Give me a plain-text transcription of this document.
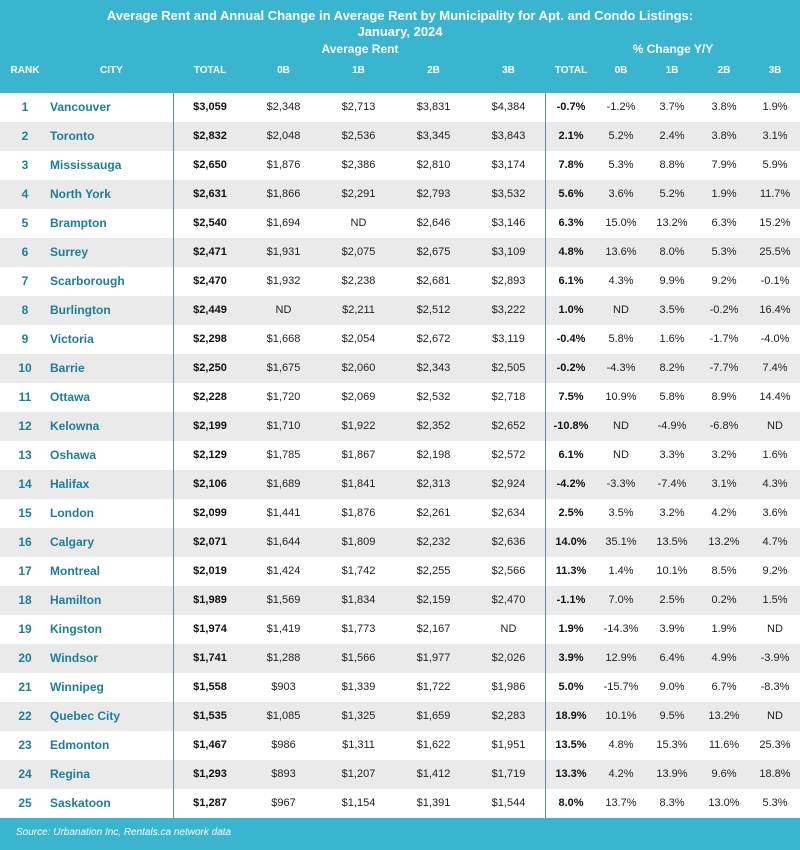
Average Rent and Annual Change in Average Rent by Municipality for Apt. and Condo Listings:
January, 2024
Average Rent	% Change Y/Y
RANK	CITY	TOTAL	0B	1B	2B	3B	TOTAL	0B	1B	2B	3B
1	Vancouver	$3,059	$2,348	$2,713	$3,831	$4,384	-0.7%	-1.2%	3.7%	3.8%	1.9%
2	Toronto	$2,832	$2,048	$2,536	$3,345	$3,843	2.1%	5.2%	2.4%	3.8%	3.1%
3	Mississauga	$2,650	$1,876	$2,386	$2,810	$3,174	7.8%	5.3%	8.8%	7.9%	5.9%
4	North York	$2,631	$1,866	$2,291	$2,793	$3,532	5.6%	3.6%	5.2%	1.9%	11.7%
5	Brampton	$2,540	$1,694	ND	$2,646	$3,146	6.3%	15.0%	13.2%	6.3%	15.2%
6	Surrey	$2,471	$1,931	$2,075	$2,675	$3,109	4.8%	13.6%	8.0%	5.3%	25.5%
7	Scarborough	$2,470	$1,932	$2,238	$2,681	$2,893	6.1%	4.3%	9.9%	9.2%	-0.1%
8	Burlington	$2,449	ND	$2,211	$2,512	$3,222	1.0%	ND	3.5%	-0.2%	16.4%
9	Victoria	$2,298	$1,668	$2,054	$2,672	$3,119	-0.4%	5.8%	1.6%	-1.7%	-4.0%
10	Barrie	$2,250	$1,675	$2,060	$2,343	$2,505	-0.2%	-4.3%	8.2%	-7.7%	7.4%
11	Ottawa	$2,228	$1,720	$2,069	$2,532	$2,718	7.5%	10.9%	5.8%	8.9%	14.4%
12	Kelowna	$2,199	$1,710	$1,922	$2,352	$2,652	-10.8%	ND	-4.9%	-6.8%	ND
13	Oshawa	$2,129	$1,785	$1,867	$2,198	$2,572	6.1%	ND	3.3%	3.2%	1.6%
14	Halifax	$2,106	$1,689	$1,841	$2,313	$2,924	-4.2%	-3.3%	-7.4%	3.1%	4.3%
15	London	$2,099	$1,441	$1,876	$2,261	$2,634	2.5%	3.5%	3.2%	4.2%	3.6%
16	Calgary	$2,071	$1,644	$1,809	$2,232	$2,636	14.0%	35.1%	13.5%	13.2%	4.7%
17	Montreal	$2,019	$1,424	$1,742	$2,255	$2,566	11.3%	1.4%	10.1%	8.5%	9.2%
18	Hamilton	$1,989	$1,569	$1,834	$2,159	$2,470	-1.1%	7.0%	2.5%	0.2%	1.5%
19	Kingston	$1,974	$1,419	$1,773	$2,167	ND	1.9%	-14.3%	3.9%	1.9%	ND
20	Windsor	$1,741	$1,288	$1,566	$1,977	$2,026	3.9%	12.9%	6.4%	4.9%	-3.9%
21	Winnipeg	$1,558	$903	$1,339	$1,722	$1,986	5.0%	-15.7%	9.0%	6.7%	-8.3%
22	Quebec City	$1,535	$1,085	$1,325	$1,659	$2,283	18.9%	10.1%	9.5%	13.2%	ND
23	Edmonton	$1,467	$986	$1,311	$1,622	$1,951	13.5%	4.8%	15.3%	11.6%	25.3%
24	Regina	$1,293	$893	$1,207	$1,412	$1,719	13.3%	4.2%	13.9%	9.6%	18.8%
25	Saskatoon	$1,287	$967	$1,154	$1,391	$1,544	8.0%	13.7%	8.3%	13.0%	5.3%
Source: Urbanation Inc, Rentals.ca network data
